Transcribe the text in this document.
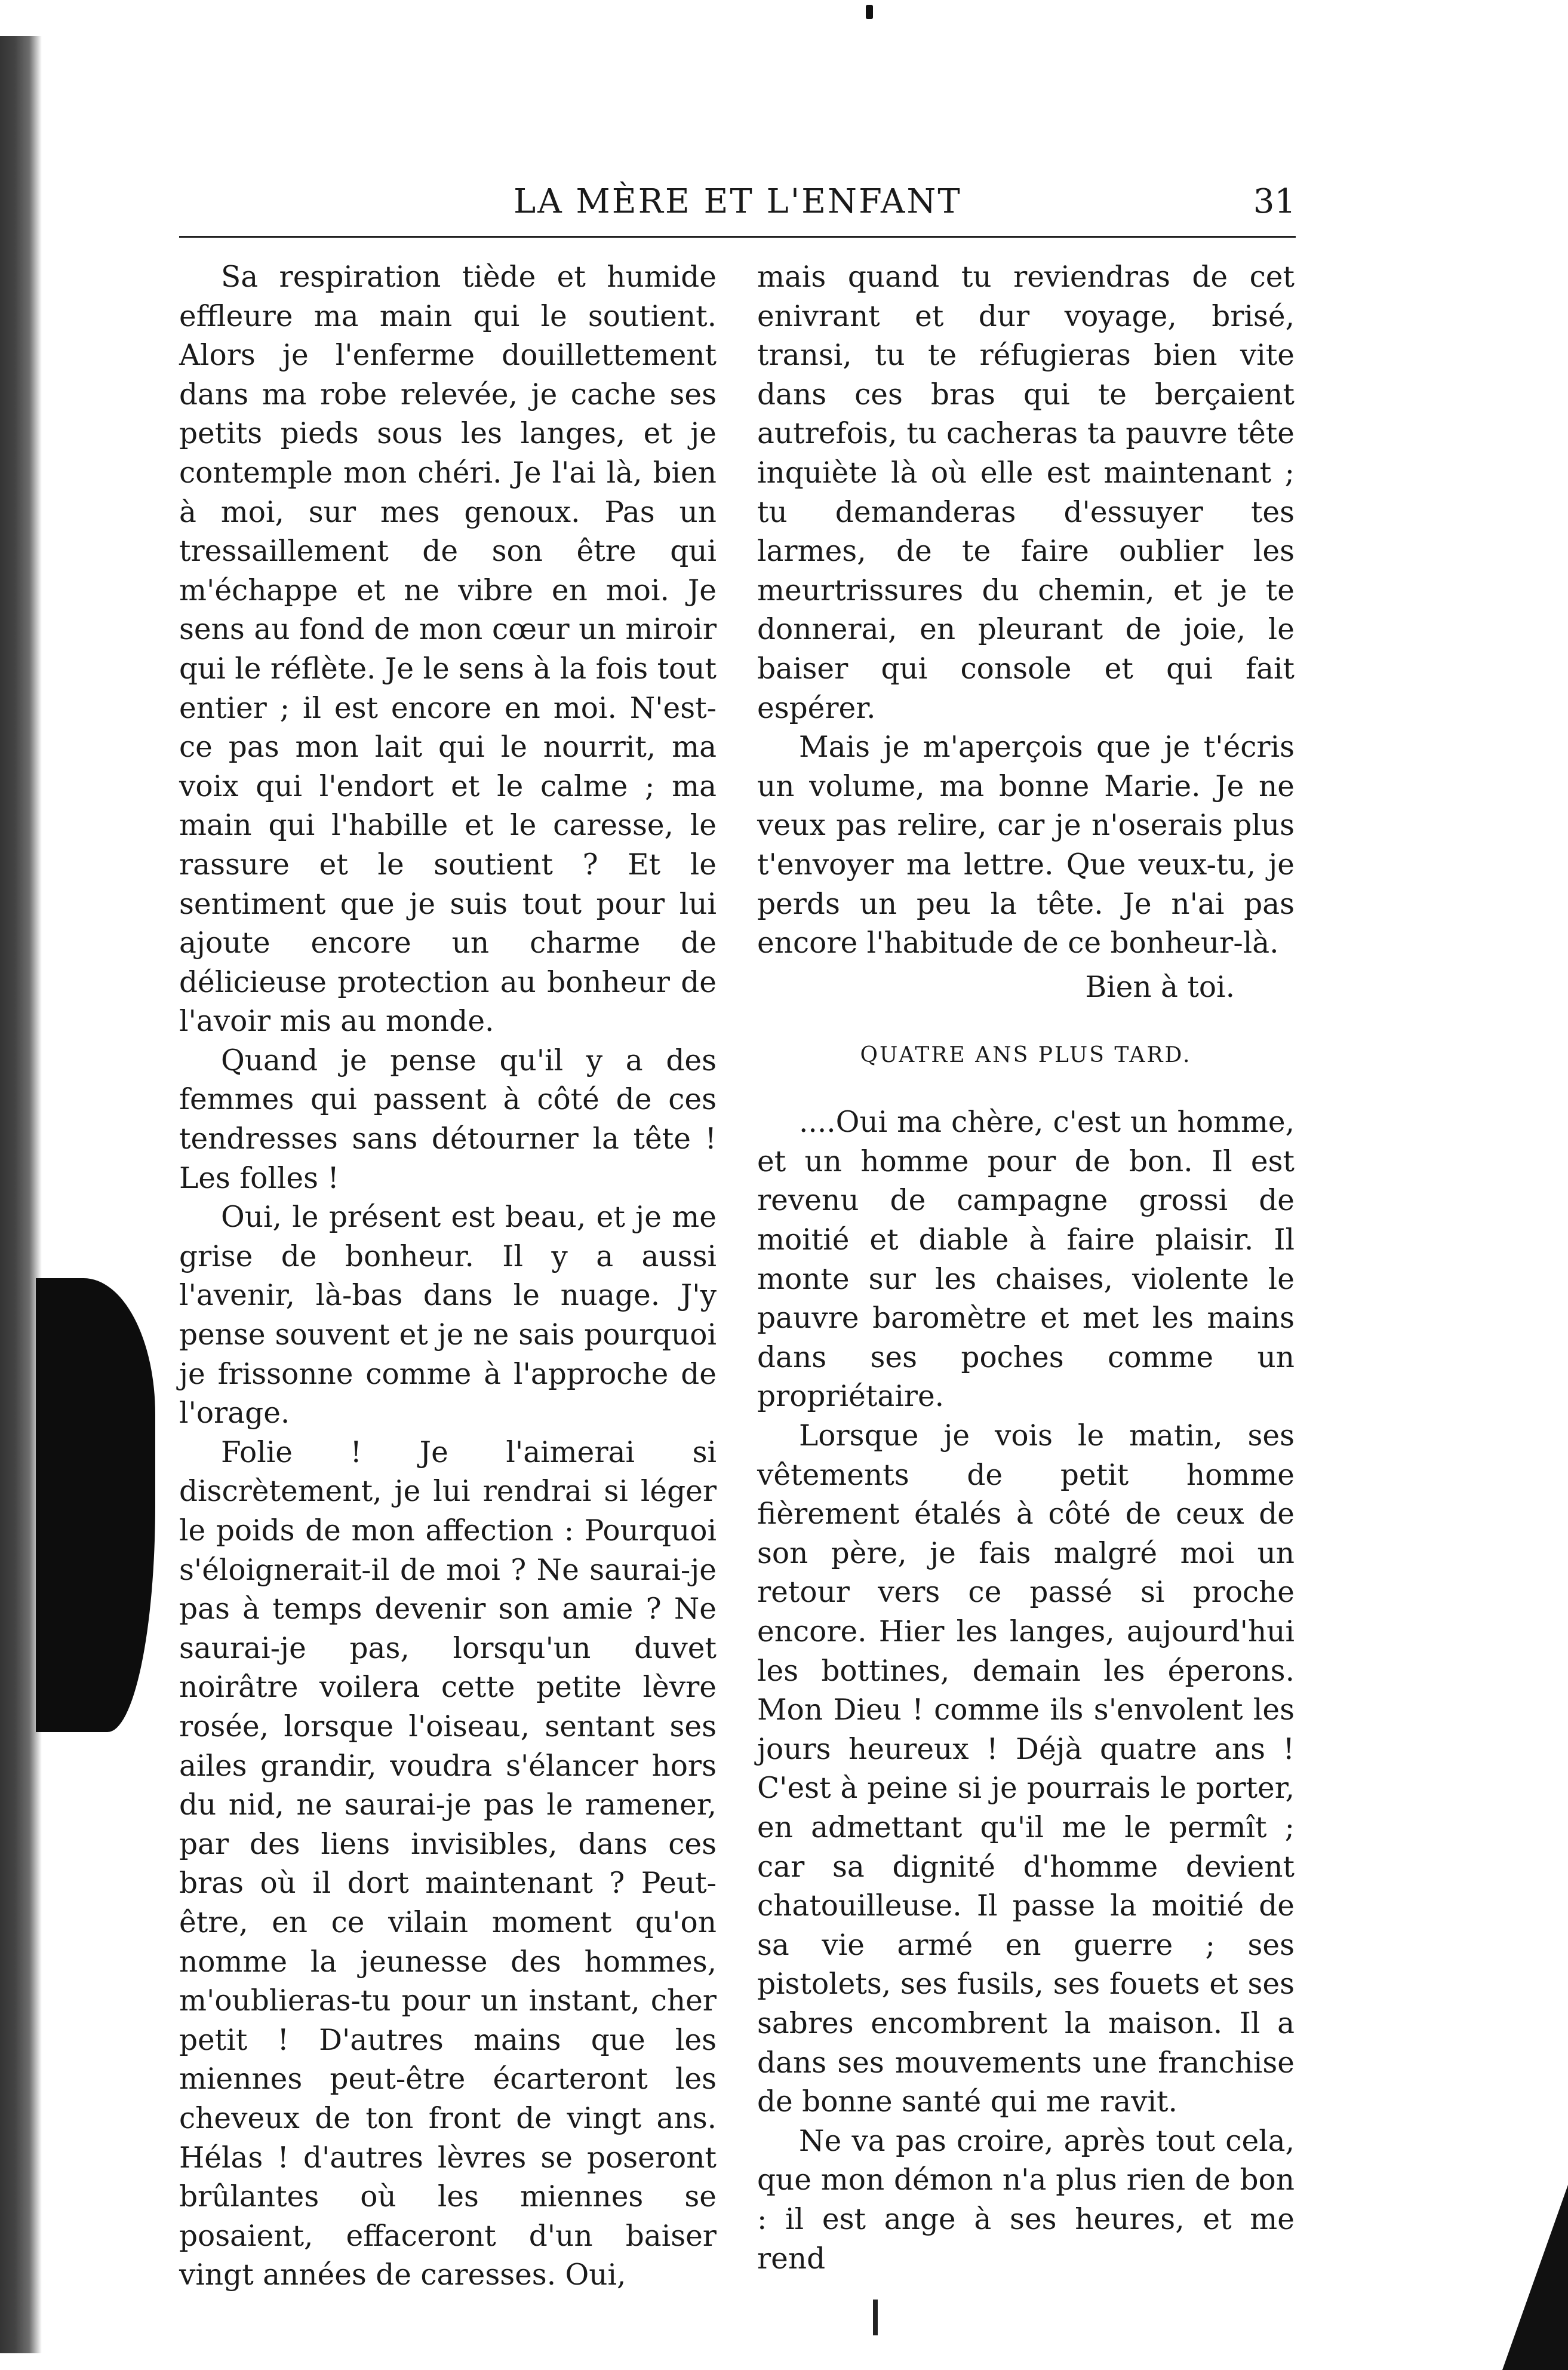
LA MÈRE ET L'ENFANT	31

Sa respiration tiède et humide effleure ma main qui le soutient. Alors je l'enferme douillettement dans ma robe relevée, je cache ses petits pieds sous les langes, et je contemple mon chéri. Je l'ai là, bien à moi, sur mes genoux. Pas un tressaillement de son être qui m'échappe et ne vibre en moi. Je sens au fond de mon cœur un miroir qui le réflète. Je le sens à la fois tout entier ; il est encore en moi. N'est-ce pas mon lait qui le nourrit, ma voix qui l'endort et le calme ; ma main qui l'habille et le caresse, le rassure et le soutient ? Et le sentiment que je suis tout pour lui ajoute encore un charme de délicieuse protection au bonheur de l'avoir mis au monde.

Quand je pense qu'il y a des femmes qui passent à côté de ces tendresses sans détourner la tête ! Les folles !

Oui, le présent est beau, et je me grise de bonheur. Il y a aussi l'avenir, là-bas dans le nuage. J'y pense souvent et je ne sais pourquoi je frissonne comme à l'approche de l'orage.

Folie ! Je l'aimerai si discrètement, je lui rendrai si léger le poids de mon affection : Pourquoi s'éloignerait-il de moi ? Ne saurai-je pas à temps devenir son amie ? Ne saurai-je pas, lorsqu'un duvet noirâtre voilera cette petite lèvre rosée, lorsque l'oiseau, sentant ses ailes grandir, voudra s'élancer hors du nid, ne saurai-je pas le ramener, par des liens invisibles, dans ces bras où il dort maintenant ? Peut-être, en ce vilain moment qu'on nomme la jeunesse des hommes, m'oublieras-tu pour un instant, cher petit ! D'autres mains que les miennes peut-être écarteront les cheveux de ton front de vingt ans. Hélas ! d'autres lèvres se poseront brûlantes où les miennes se posaient, effaceront d'un baiser vingt années de caresses. Oui,

mais quand tu reviendras de cet enivrant et dur voyage, brisé, transi, tu te réfugieras bien vite dans ces bras qui te berçaient autrefois, tu cacheras ta pauvre tête inquiète là où elle est maintenant ; tu demanderas d'essuyer tes larmes, de te faire oublier les meurtrissures du chemin, et je te donnerai, en pleurant de joie, le baiser qui console et qui fait espérer.

Mais je m'aperçois que je t'écris un volume, ma bonne Marie. Je ne veux pas relire, car je n'oserais plus t'envoyer ma lettre. Que veux-tu, je perds un peu la tête. Je n'ai pas encore l'habitude de ce bonheur-là.

Bien à toi.

QUATRE ANS PLUS TARD.

....Oui ma chère, c'est un homme, et un homme pour de bon. Il est revenu de campagne grossi de moitié et diable à faire plaisir. Il monte sur les chaises, violente le pauvre baromètre et met les mains dans ses poches comme un propriétaire.

Lorsque je vois le matin, ses vêtements de petit homme fièrement étalés à côté de ceux de son père, je fais malgré moi un retour vers ce passé si proche encore. Hier les langes, aujourd'hui les bottines, demain les éperons. Mon Dieu ! comme ils s'envolent les jours heureux ! Déjà quatre ans ! C'est à peine si je pourrais le porter, en admettant qu'il me le permît ; car sa dignité d'homme devient chatouilleuse. Il passe la moitié de sa vie armé en guerre ; ses pistolets, ses fusils, ses fouets et ses sabres encombrent la maison. Il a dans ses mouvements une franchise de bonne santé qui me ravit.

Ne va pas croire, après tout cela, que mon démon n'a plus rien de bon : il est ange à ses heures, et me rend
